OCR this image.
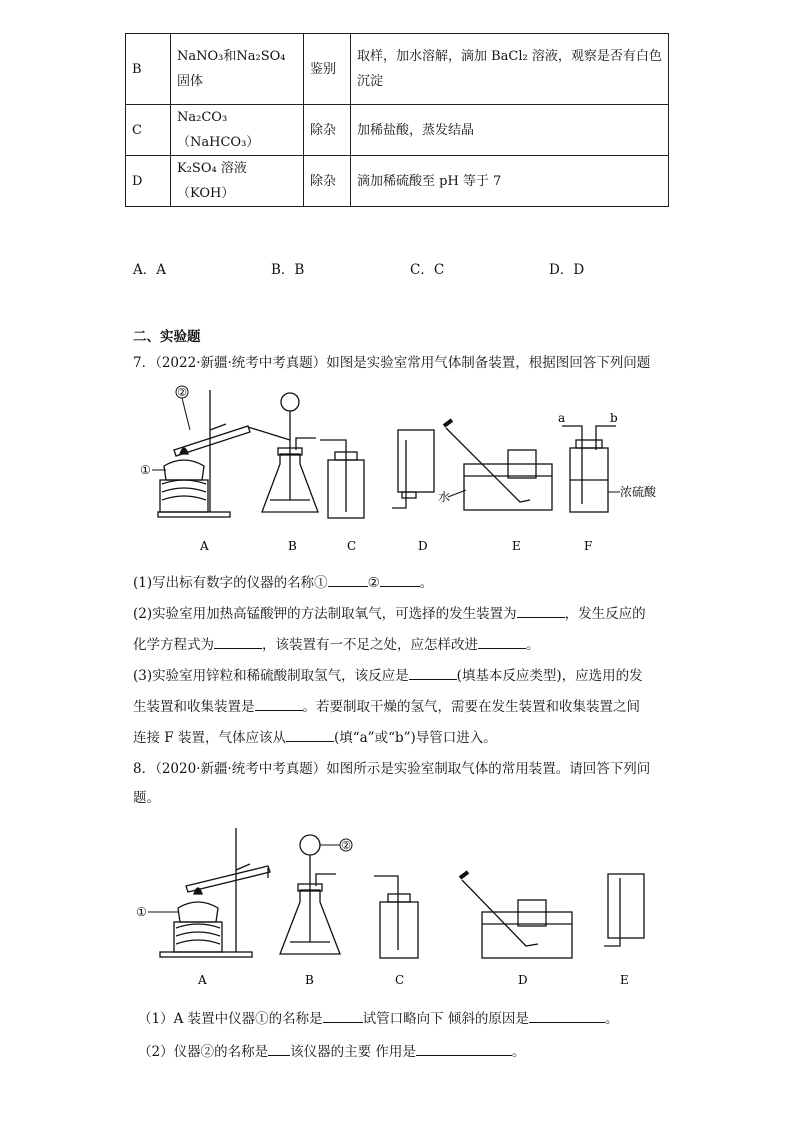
B	NaNO₃和Na₂SO₄固体	鉴别	取样，加水溶解，滴加 BaCl₂ 溶液，观察是否有白色沉淀
C	Na₂CO₃（NaHCO₃）	除杂	加稀盐酸，蒸发结晶
D	K₂SO₄ 溶液（KOH）	除杂	滴加稀硫酸至 pH 等于 7
A．A	B．B	C．C	D．D
二、实验题
7．（2022·新疆·统考中考真题）如图是实验室常用气体制备装置，根据图回答下列问题
②
①
水
a	b
浓硫酸
A	B	C	D	E	F
(1)写出标有数字的仪器的名称①	②	。
(2)实验室用加热高锰酸钾的方法制取氧气，可选择的发生装置为	，发生反应的
化学方程式为	，该装置有一不足之处，应怎样改进	。
(3)实验室用锌粒和稀硫酸制取氢气，该反应是	(填基本反应类型)，应选用的发
生装置和收集装置是	。若要制取干燥的氢气，需要在发生装置和收集装置之间
连接 F 装置，气体应该从	(填“a”或“b”)导管口进入。
8．（2020·新疆·统考中考真题）如图所示是实验室制取气体的常用装置。请回答下列问
题。
②
①
A	B	C	D	E
（1）A 装置中仪器①的名称是	试管口略向下 倾斜的原因是	。
（2）仪器②的名称是 该仪器的主要 作用是	。
